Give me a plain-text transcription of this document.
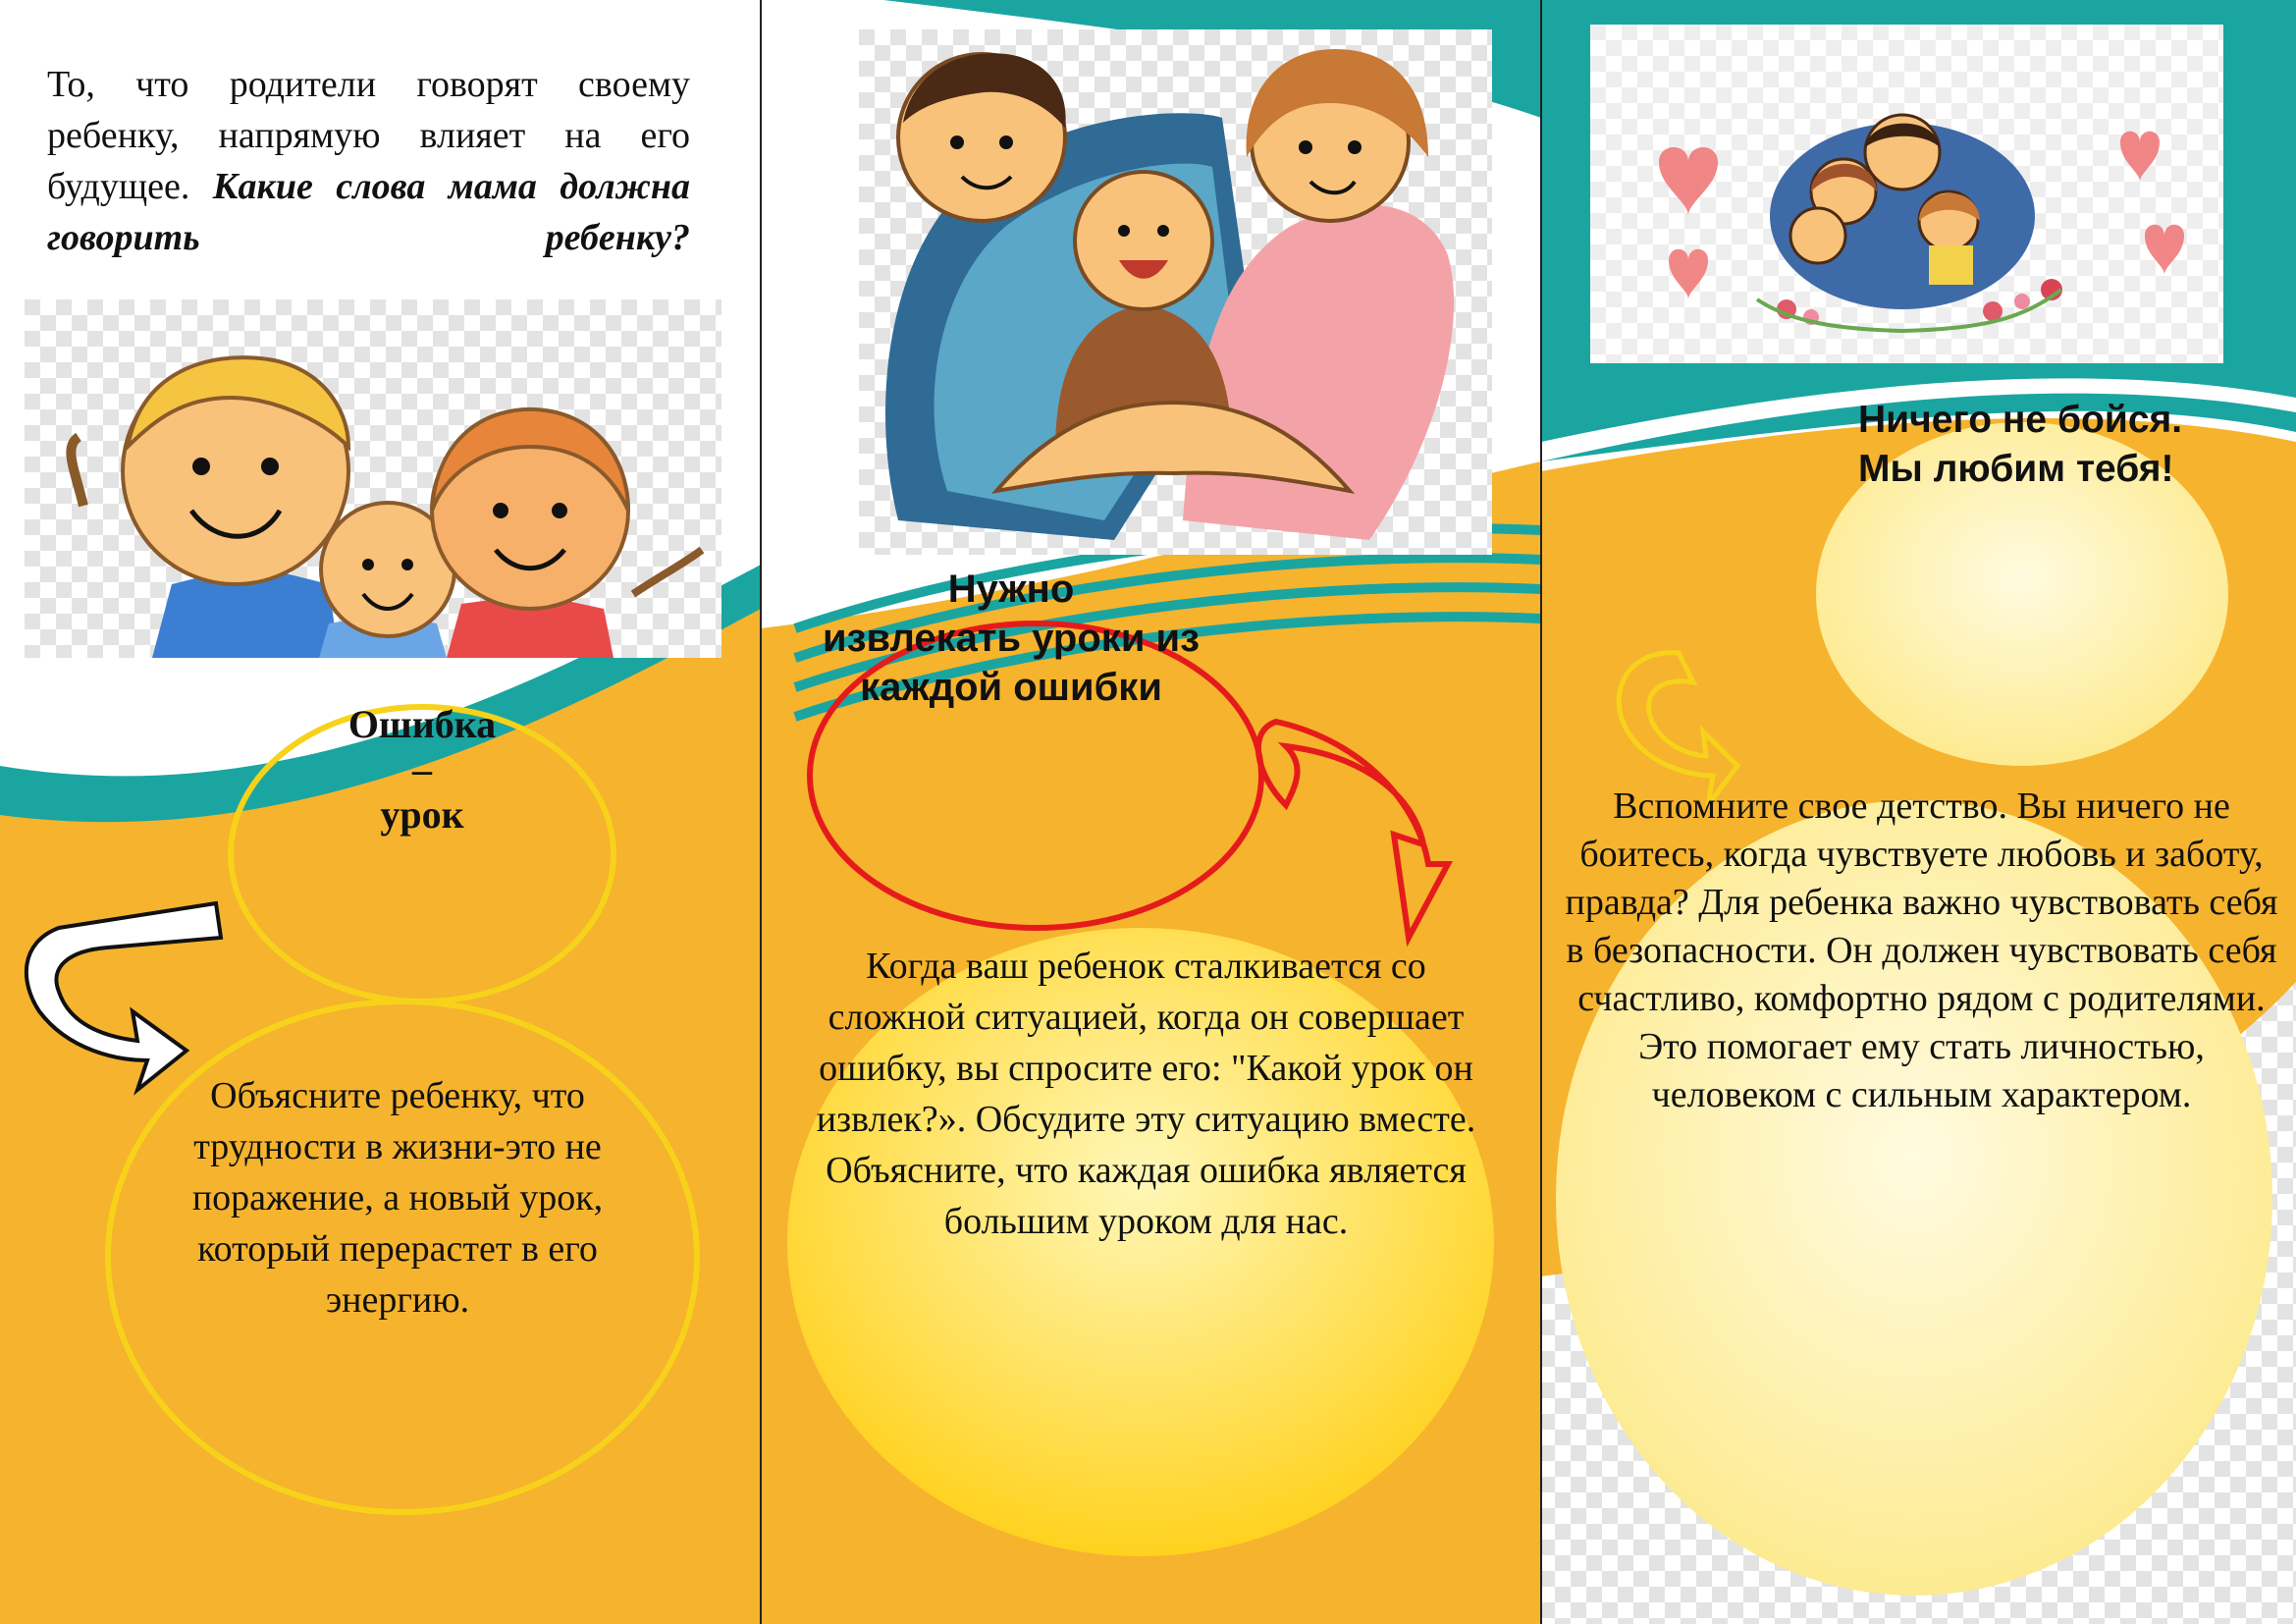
То, что родители говорят своему ребенку, напрямую влияет на его будущее. Какие слова мама должна говорить ребенку?
Ошибка
–
урок
Объясните ребенку, что трудности в жизни-это не поражение, а новый урок, который перерастет в его энергию.
Нужно
извлекать уроки из
каждой ошибки
Когда ваш ребенок сталкивается со сложной ситуацией, когда он совершает ошибку, вы спросите его: "Какой урок он извлек?». Обсудите эту ситуацию вместе. Объясните, что каждая ошибка является большим уроком для нас.
Ничего не бойся.
Мы любим тебя!
Вспомните свое детство. Вы ничего не боитесь, когда чувствуете любовь и заботу, правда? Для ребенка важно чувствовать себя в безопасности. Он должен чувствовать себя счастливо, комфортно рядом с родителями. Это помогает ему стать личностью, человеком с сильным характером.
